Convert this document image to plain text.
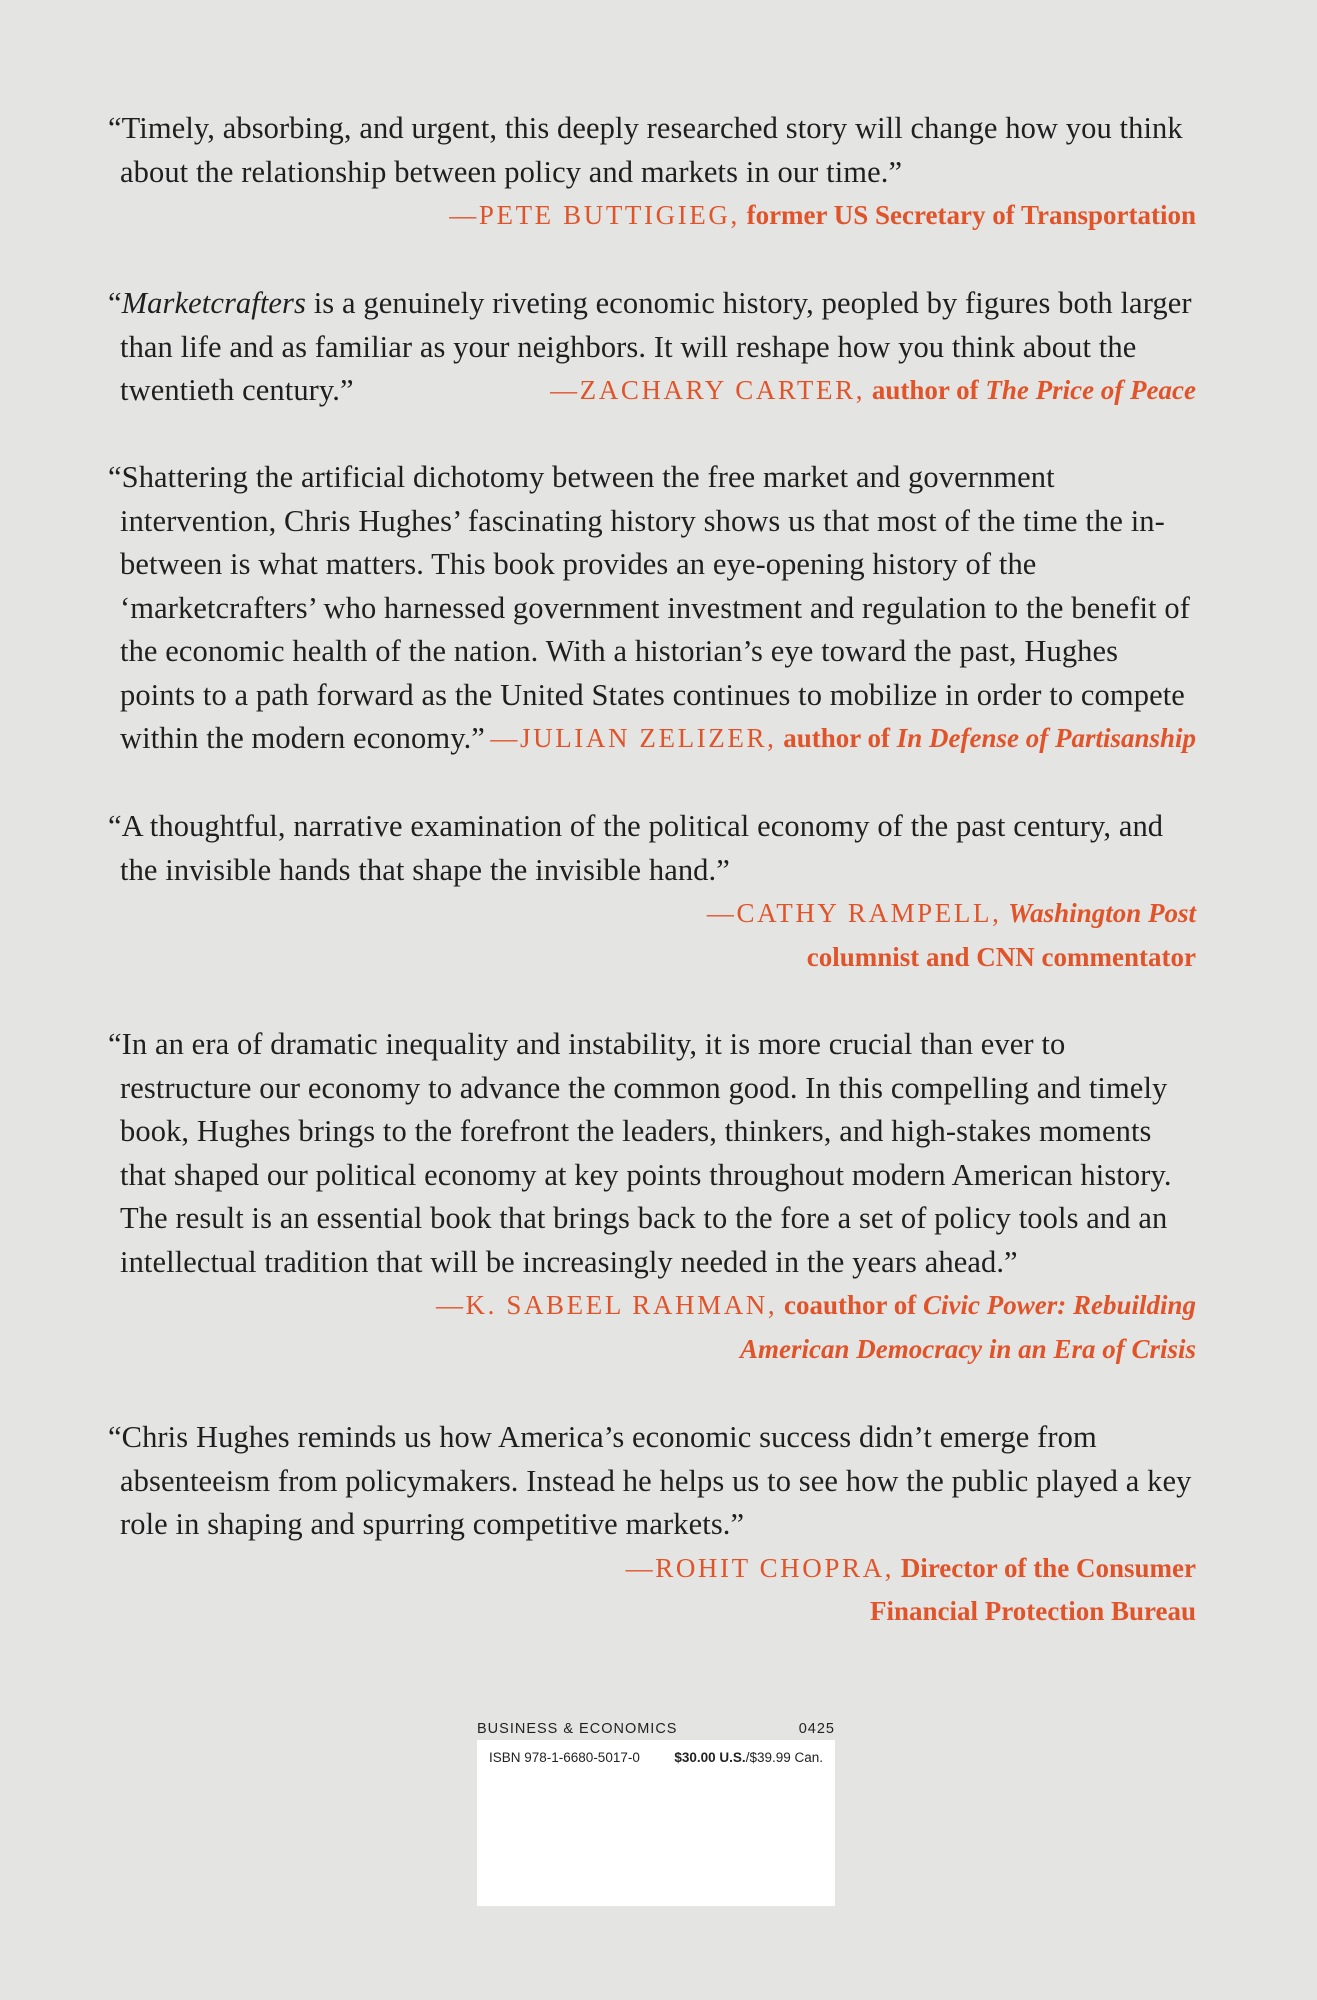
“Timely, absorbing, and urgent, this deeply researched story will change how you think about the relationship between policy and markets in our time.”

—PETE BUTTIGIEG, former US Secretary of Transportation

“Marketcrafters is a genuinely riveting economic history, peopled by figures both larger than life and as familiar as your neighbors. It will reshape how you think about the twentieth century.”	—ZACHARY CARTER, author of The Price of Peace

“Shattering the artificial dichotomy between the free market and government intervention, Chris Hughes’ fascinating history shows us that most of the time the in-between is what matters. This book provides an eye-opening history of the ‘marketcrafters’ who harnessed government investment and regulation to the benefit of the economic health of the nation. With a historian’s eye toward the past, Hughes points to a path forward as the United States continues to mobilize in order to compete within the modern economy.” —JULIAN ZELIZER, author of In Defense of Partisanship

“A thoughtful, narrative examination of the political economy of the past century, and the invisible hands that shape the invisible hand.”

—CATHY RAMPELL, Washington Post

columnist and CNN commentator

“In an era of dramatic inequality and instability, it is more crucial than ever to restructure our economy to advance the common good. In this compelling and timely book, Hughes brings to the forefront the leaders, thinkers, and high-stakes moments that shaped our political economy at key points throughout modern American history. The result is an essential book that brings back to the fore a set of policy tools and an intellectual tradition that will be increasingly needed in the years ahead.”

—K. SABEEL RAHMAN, coauthor of Civic Power: Rebuilding

American Democracy in an Era of Crisis

“Chris Hughes reminds us how America’s economic success didn’t emerge from absenteeism from policymakers. Instead he helps us to see how the public played a key role in shaping and spurring competitive markets.”

—ROHIT CHOPRA, Director of the Consumer

Financial Protection Bureau

BUSINESS & ECONOMICS	0425
ISBN 978-1-6680-5017-0	$30.00 U.S./$39.99 Can.
